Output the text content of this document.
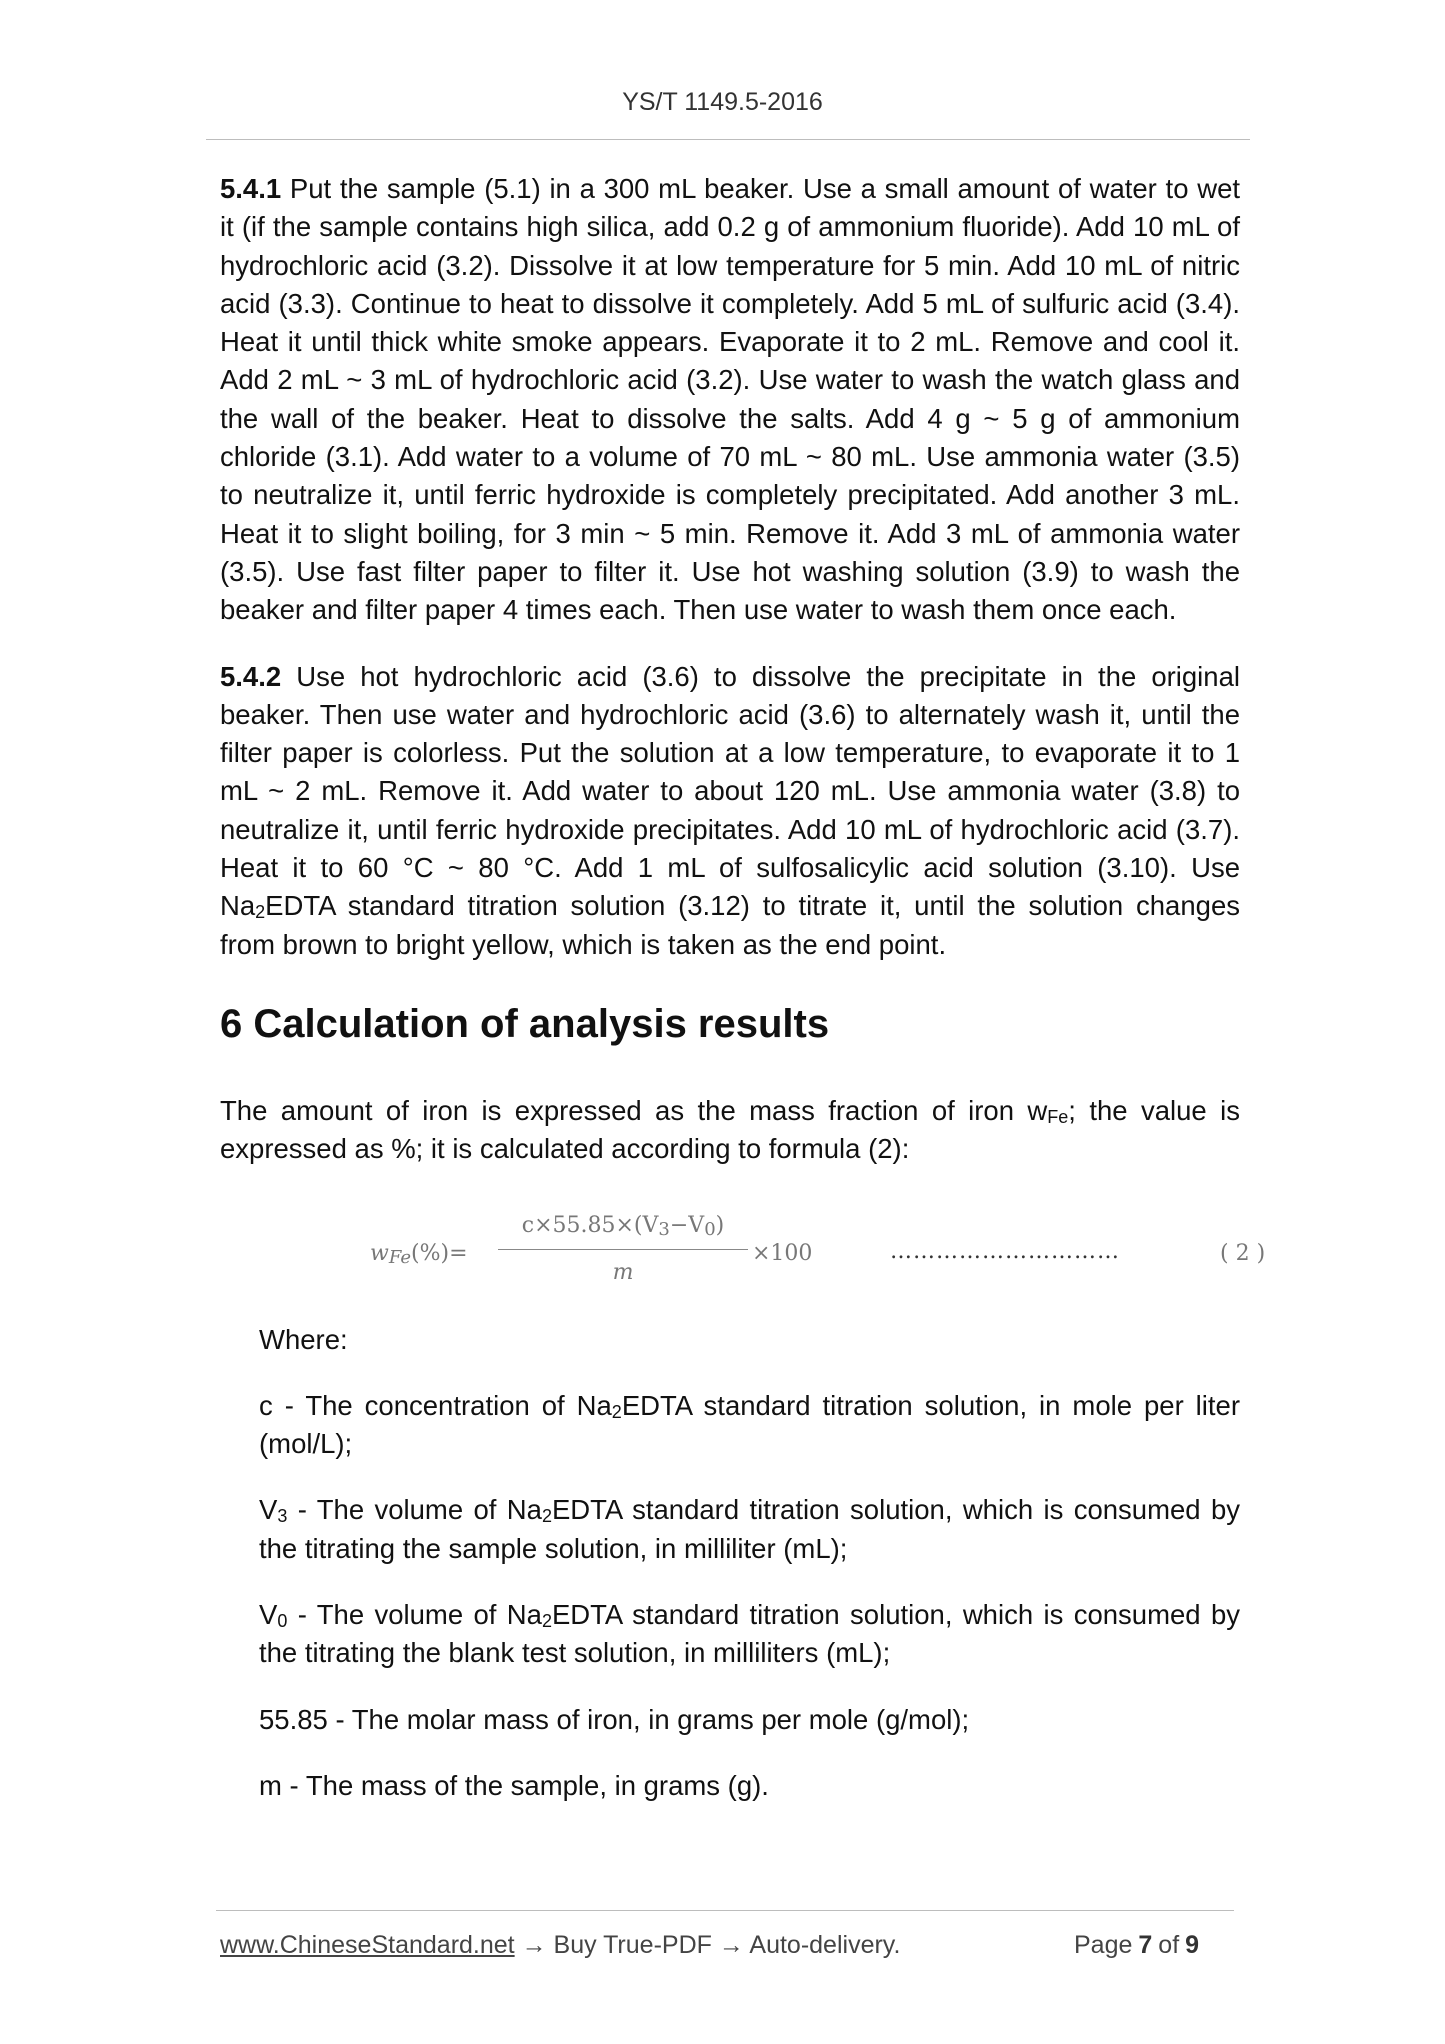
YS/T 1149.5-2016

5.4.1 Put the sample (5.1) in a 300 mL beaker. Use a small amount of water to wet it (if the sample contains high silica, add 0.2 g of ammonium fluoride). Add 10 mL of hydrochloric acid (3.2). Dissolve it at low temperature for 5 min. Add 10 mL of nitric acid (3.3). Continue to heat to dissolve it completely. Add 5 mL of sulfuric acid (3.4). Heat it until thick white smoke appears. Evaporate it to 2 mL. Remove and cool it. Add 2 mL ~ 3 mL of hydrochloric acid (3.2). Use water to wash the watch glass and the wall of the beaker. Heat to dissolve the salts. Add 4 g ~ 5 g of ammonium chloride (3.1). Add water to a volume of 70 mL ~ 80 mL. Use ammonia water (3.5) to neutralize it, until ferric hydroxide is completely precipitated. Add another 3 mL. Heat it to slight boiling, for 3 min ~ 5 min. Remove it. Add 3 mL of ammonia water (3.5). Use fast filter paper to filter it. Use hot washing solution (3.9) to wash the beaker and filter paper 4 times each. Then use water to wash them once each.

5.4.2 Use hot hydrochloric acid (3.6) to dissolve the precipitate in the original beaker. Then use water and hydrochloric acid (3.6) to alternately wash it, until the filter paper is colorless. Put the solution at a low temperature, to evaporate it to 1 mL ~ 2 mL. Remove it. Add water to about 120 mL. Use ammonia water (3.8) to neutralize it, until ferric hydroxide precipitates. Add 10 mL of hydrochloric acid (3.7). Heat it to 60 °C ~ 80 °C. Add 1 mL of sulfosalicylic acid solution (3.10). Use $Na_2EDTA$ standard titration solution (3.12) to titrate it, until the solution changes from brown to bright yellow, which is taken as the end point.

6 Calculation of analysis results

The amount of iron is expressed as the mass fraction of iron $w_{Fe}$; the value is expressed as %; it is calculated according to formula (2):

$w_{Fe}(\%)= \frac{c\times 55.85\times(V_3-V_0)}{m} \times 100$	…………………………	( 2 )

Where:

c - The concentration of $Na_2EDTA$ standard titration solution, in mole per liter (mol/L);

$V_3$ - The volume of $Na_2EDTA$ standard titration solution, which is consumed by the titrating the sample solution, in milliliter (mL);

$V_0$ - The volume of $Na_2EDTA$ standard titration solution, which is consumed by the titrating the blank test solution, in milliliters (mL);

55.85 - The molar mass of iron, in grams per mole (g/mol);

m - The mass of the sample, in grams (g).

www.ChineseStandard.net → Buy True-PDF → Auto-delivery.	Page 7 of 9
